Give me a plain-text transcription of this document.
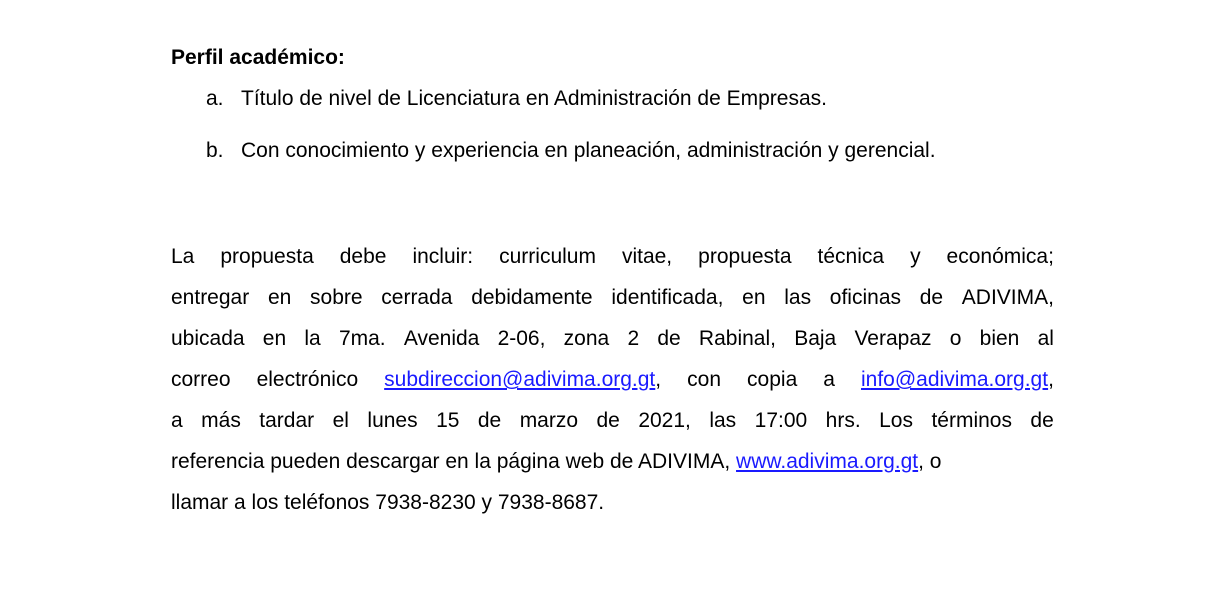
Perfil académico:
a. Título de nivel de Licenciatura en Administración de Empresas.
b. Con conocimiento y experiencia en planeación, administración y gerencial.
La propuesta debe incluir: curriculum vitae, propuesta técnica y económica;
entregar en sobre cerrada debidamente identificada, en las oficinas de ADIVIMA,
ubicada en la 7ma. Avenida 2-06, zona 2 de Rabinal, Baja Verapaz o bien al
correo electrónico subdireccion@adivima.org.gt, con copia a info@adivima.org.gt,
a más tardar el lunes 15 de marzo de 2021, las 17:00 hrs. Los términos de
referencia pueden descargar en la página web de ADIVIMA,
www.adivima.org.gt , o
llamar a los teléfonos 7938-8230 y 7938-8687.
